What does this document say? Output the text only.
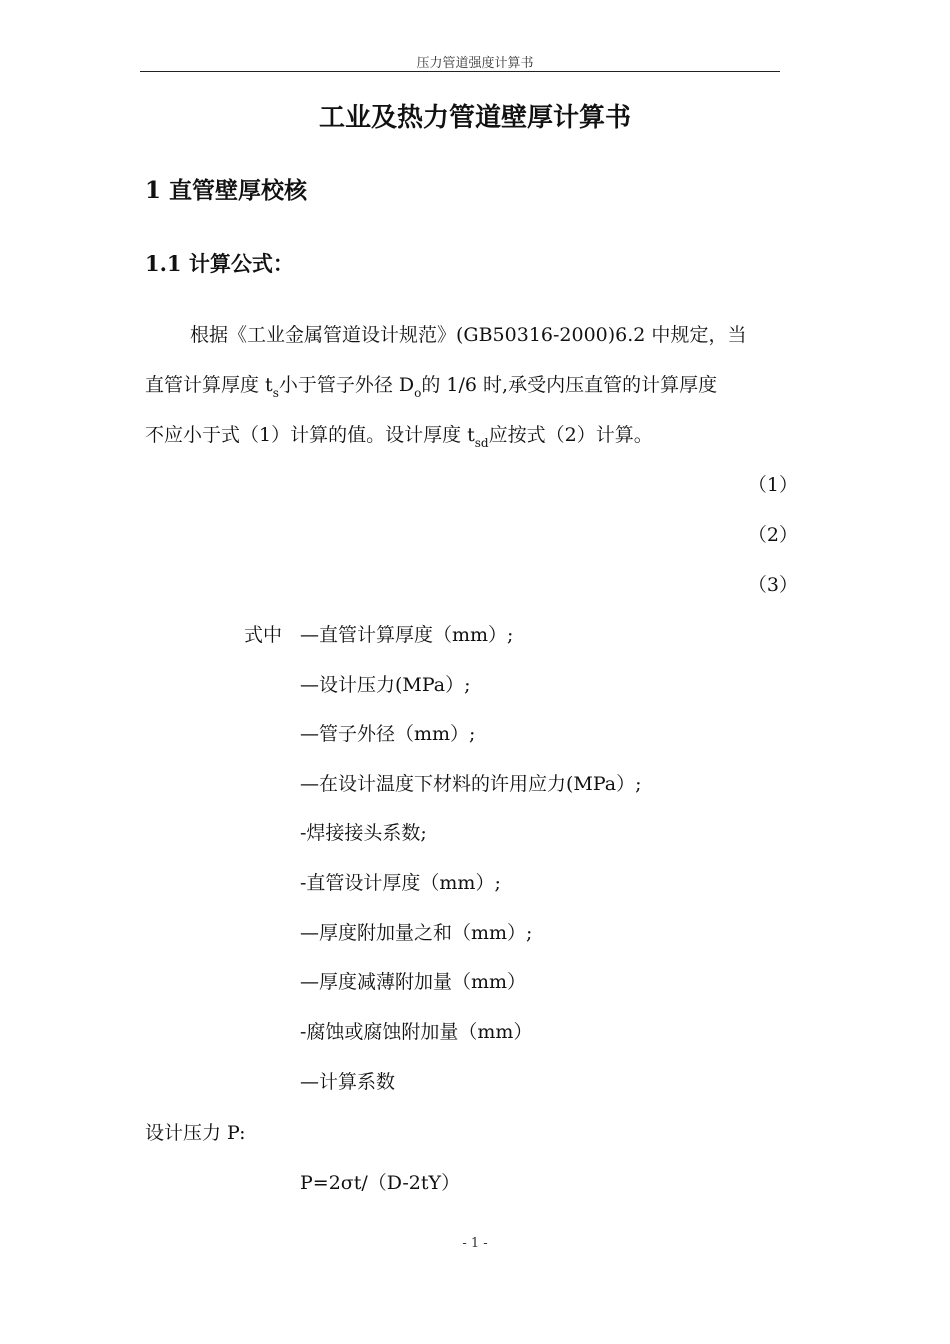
压力管道强度计算书
工业及热力管道壁厚计算书
1 直管壁厚校核
1.1 计算公式：
根据《工业金属管道设计规范》(GB50316-2000)6.2 中规定，当
直管计算厚度 $t_s$小于管子外径 $D_o$的 1/6 时,承受内压直管的计算厚度
不应小于式（1）计算的值。设计厚度 $t_{sd}$应按式（2）计算。
（1）
（2）
（3）
式中 —直管计算厚度（mm）;
—设计压力(MPa）;
—管子外径（mm）;
—在设计温度下材料的许用应力(MPa）;
-焊接接头系数;
-直管设计厚度（mm）;
—厚度附加量之和（mm）;
—厚度减薄附加量（mm）
-腐蚀或腐蚀附加量（mm）
—计算系数
设计压力 P:
P=2σt/（D-2tY）
- 1 -
